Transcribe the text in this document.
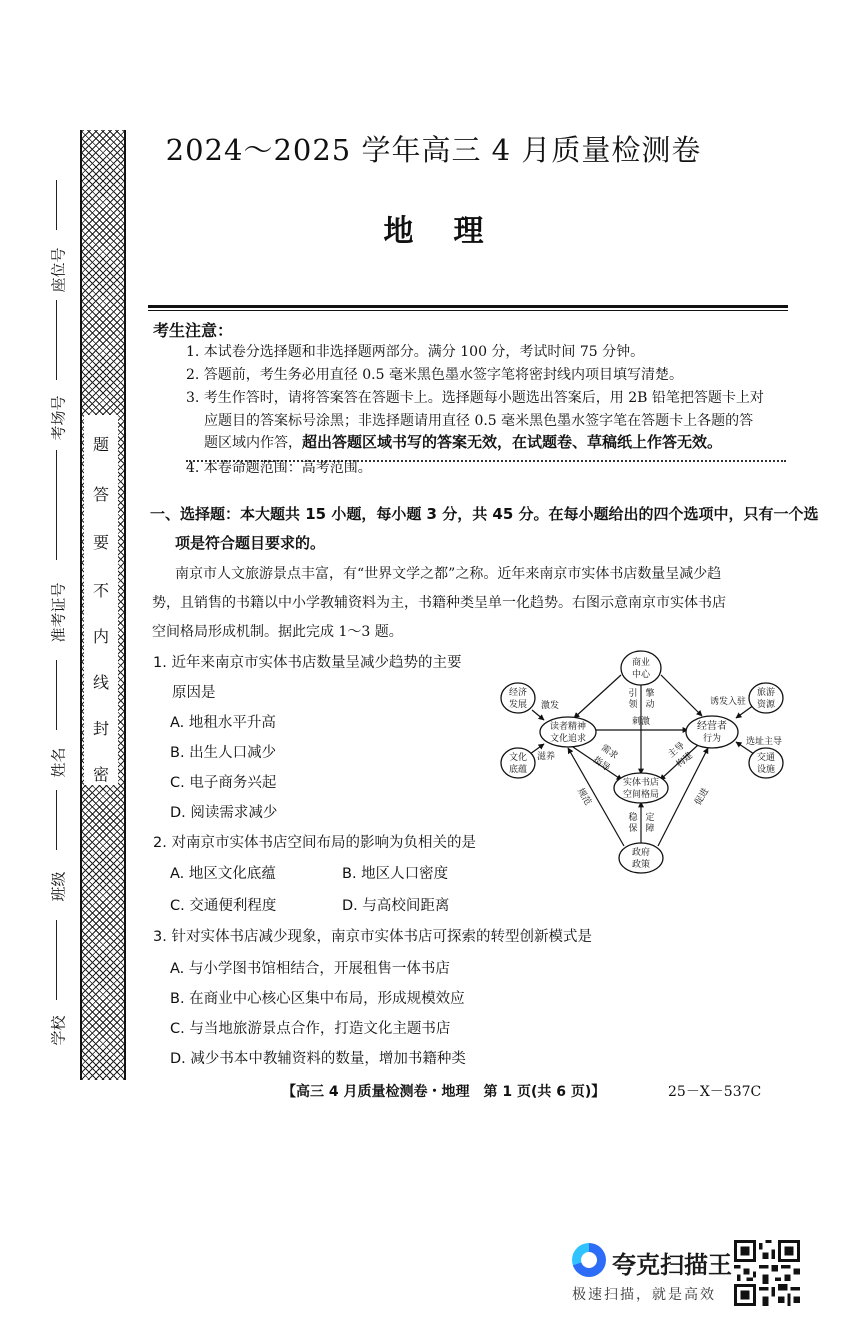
题
答
要
不
内
线
封
密
座位号
考场号
准考证号
姓名
班级
学校
2024～2025 学年高三 4 月质量检测卷
地理
考生注意：
1. 本试卷分选择题和非选择题两部分。满分 100 分，考试时间 75 分钟。
2. 答题前，考生务必用直径 0.5 毫米黑色墨水签字笔将密封线内项目填写清楚。
3. 考生作答时，请将答案答在答题卡上。选择题每小题选出答案后，用 2B 铅笔把答题卡上对
应题目的答案标号涂黑；非选择题请用直径 0.5 毫米黑色墨水签字笔在答题卡上各题的答
题区域内作答，超出答题区域书写的答案无效，在试题卷、草稿纸上作答无效。
4. 本卷命题范围：高考范围。
一、选择题：本大题共 15 小题，每小题 3 分，共 45 分。在每小题给出的四个选项中，只有一个选
项是符合题目要求的。
南京市人文旅游景点丰富，有“世界文学之都”之称。近年来南京市实体书店数量呈减少趋
势，且销售的书籍以中小学教辅资料为主，书籍种类呈单一化趋势。右图示意南京市实体书店
空间格局形成机制。据此完成 1～3 题。
1. 近年来南京市实体书店数量呈减少趋势的主要
原因是
A. 地租水平升高
B. 出生人口减少
C. 电子商务兴起
D. 阅读需求减少
2. 对南京市实体书店空间布局的影响为负相关的是
A. 地区文化底蕴	B. 地区人口密度
C. 交通便利程度	D. 与高校间距离
3. 针对实体书店减少现象，南京市实体书店可探索的转型创新模式是
A. 与小学图书馆相结合，开展租售一体书店
B. 在商业中心核心区集中布局，形成规模效应
C. 与当地旅游景点合作，打造文化主题书店
D. 减少书本中教辅资料的数量，增加书籍种类
商业
中心
读者精神
文化追求
经营者
行为
实体书店
空间格局
政府
政策
经济
发展
旅游
资源
文化
底蕴
交通
设施
引
领
擎
动
刺激
激发
滋养	需求
指导
主导
构建
诱发入驻
选址主导
规范	促进
稳
保
定
障
【高三 4 月质量检测卷・地理　第 1 页(共 6 页)】	25－X－537C
夸克扫描王
极速扫描，就是高效
